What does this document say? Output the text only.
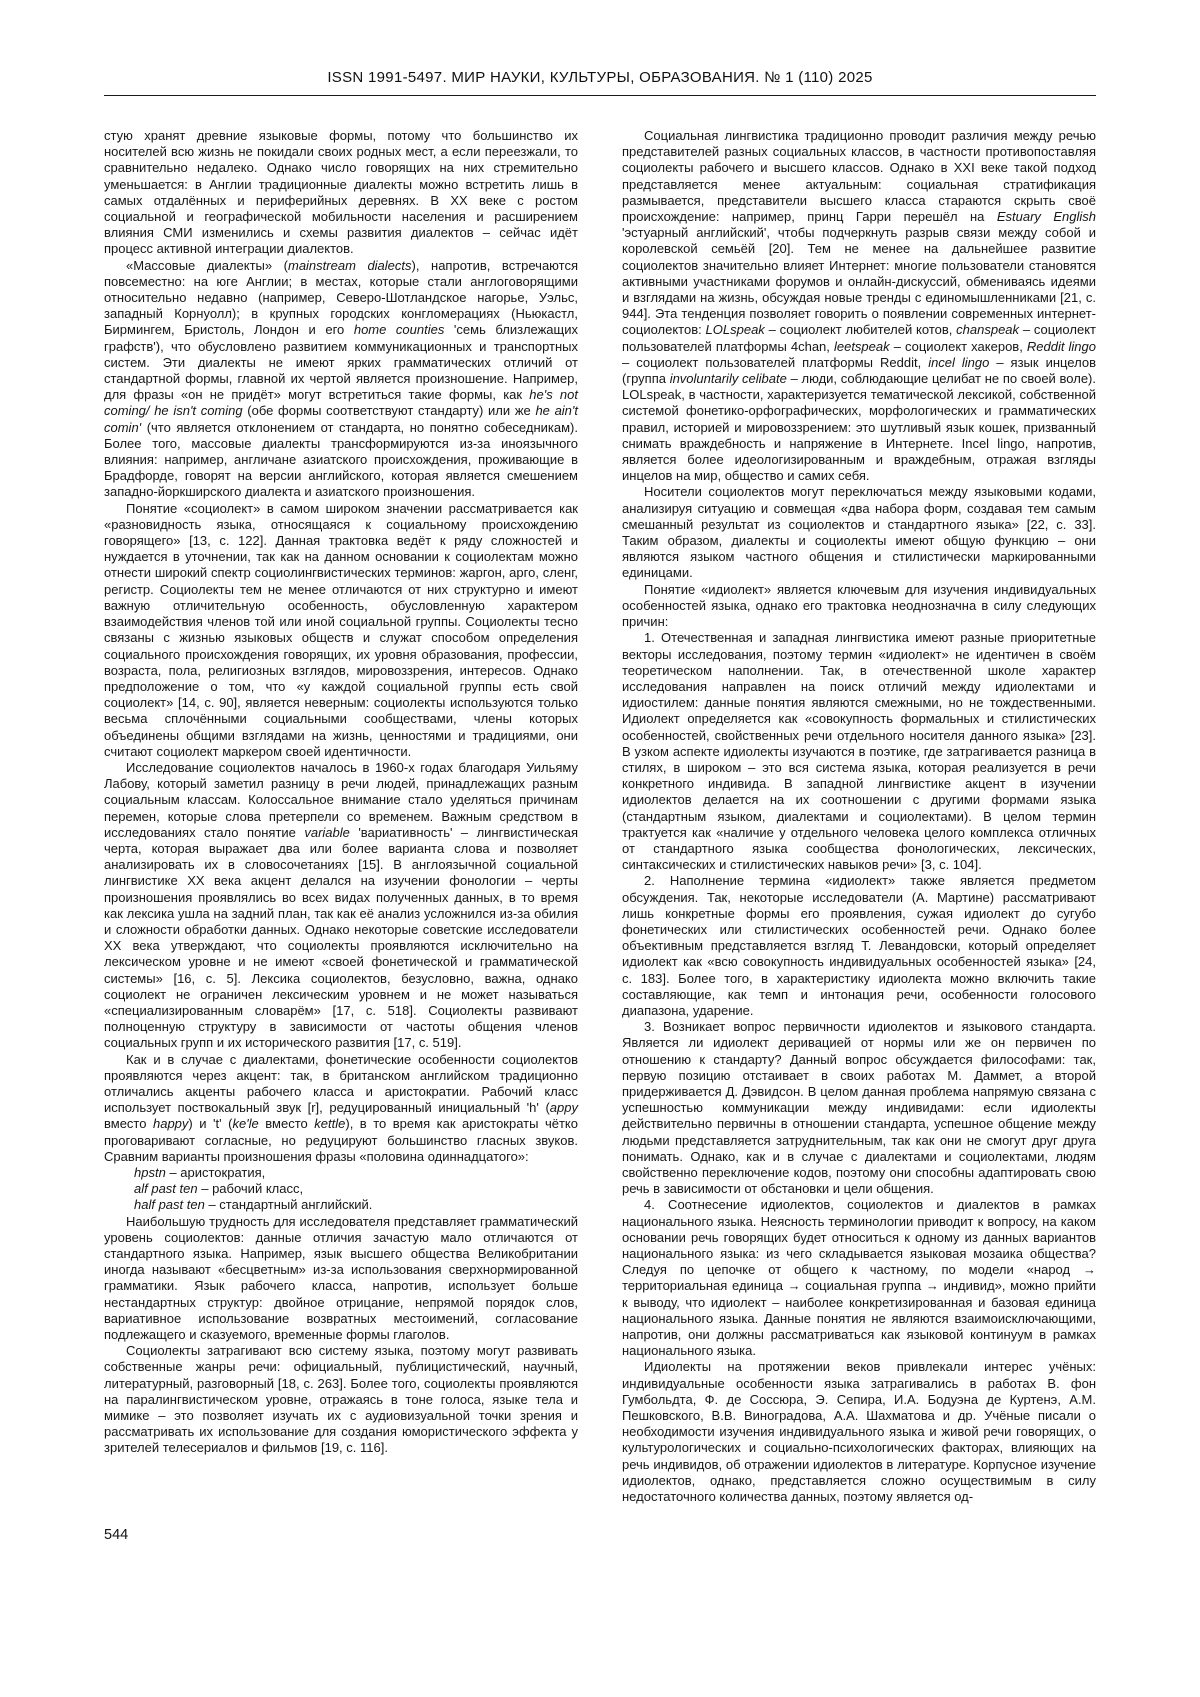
ISSN 1991-5497. МИР НАУКИ, КУЛЬТУРЫ, ОБРАЗОВАНИЯ. № 1 (110) 2025

стую хранят древние языковые формы, потому что большинство их носителей всю жизнь не покидали своих родных мест, а если переезжали, то сравнительно недалеко. Однако число говорящих на них стремительно уменьшается: в Англии традиционные диалекты можно встретить лишь в самых отдалённых и периферийных деревнях. В XX веке с ростом социальной и географической мобильности населения и расширением влияния СМИ изменились и схемы развития диалектов – сейчас идёт процесс активной интеграции диалектов.

«Массовые диалекты» (mainstream dialects), напротив, встречаются повсеместно: на юге Англии; в местах, которые стали англоговорящими относительно недавно (например, Северо-Шотландское нагорье, Уэльс, западный Корнуолл); в крупных городских конгломерациях (Ньюкастл, Бирмингем, Бристоль, Лондон и его home counties 'семь близлежащих графств'), что обусловлено развитием коммуникационных и транспортных систем. Эти диалекты не имеют ярких грамматических отличий от стандартной формы, главной их чертой является произношение. Например, для фразы «он не придёт» могут встретиться такие формы, как he's not coming/ he isn't coming (обе формы соответствуют стандарту) или же he ain't comin' (что является отклонением от стандарта, но понятно собеседникам). Более того, массовые диалекты трансформируются из-за иноязычного влияния: например, англичане азиатского происхождения, проживающие в Брадфорде, говорят на версии английского, которая является смешением западно-йоркширского диалекта и азиатского произношения.

Понятие «социолект» в самом широком значении рассматривается как «разновидность языка, относящаяся к социальному происхождению говорящего» [13, с. 122]. Данная трактовка ведёт к ряду сложностей и нуждается в уточнении, так как на данном основании к социолектам можно отнести широкий спектр социолингвистических терминов: жаргон, арго, сленг, регистр. Социолекты тем не менее отличаются от них структурно и имеют важную отличительную особенность, обусловленную характером взаимодействия членов той или иной социальной группы. Социолекты тесно связаны с жизнью языковых обществ и служат способом определения социального происхождения говорящих, их уровня образования, профессии, возраста, пола, религиозных взглядов, мировоззрения, интересов. Однако предположение о том, что «у каждой социальной группы есть свой социолект» [14, с. 90], является неверным: социолекты используются только весьма сплочёнными социальными сообществами, члены которых объединены общими взглядами на жизнь, ценностями и традициями, они считают социолект маркером своей идентичности.

Исследование социолектов началось в 1960-х годах благодаря Уильяму Лабову, который заметил разницу в речи людей, принадлежащих разным социальным классам. Колоссальное внимание стало уделяться причинам перемен, которые слова претерпели со временем. Важным средством в исследованиях стало понятие variable 'вариативность' – лингвистическая черта, которая выражает два или более варианта слова и позволяет анализировать их в словосочетаниях [15]. В англоязычной социальной лингвистике XX века акцент делался на изучении фонологии – черты произношения проявлялись во всех видах полученных данных, в то время как лексика ушла на задний план, так как её анализ усложнился из-за обилия и сложности обработки данных. Однако некоторые советские исследователи XX века утверждают, что социолекты проявляются исключительно на лексическом уровне и не имеют «своей фонетической и грамматической системы» [16, с. 5]. Лексика социолектов, безусловно, важна, однако социолект не ограничен лексическим уровнем и не может называться «специализированным словарём» [17, с. 518]. Социолекты развивают полноценную структуру в зависимости от частоты общения членов социальных групп и их исторического развития [17, с. 519].

Как и в случае с диалектами, фонетические особенности социолектов проявляются через акцент: так, в британском английском традиционно отличались акценты рабочего класса и аристократии. Рабочий класс использует поствокальный звук [r], редуцированный инициальный 'h' (appy вместо happy) и 't' (ke'le вместо kettle), в то время как аристократы чётко проговаривают согласные, но редуцируют большинство гласных звуков. Сравним варианты произношения фразы «половина одиннадцатого»:

hpstn – аристократия,

alf past ten – рабочий класс,

half past ten – стандартный английский.

Наибольшую трудность для исследователя представляет грамматический уровень социолектов: данные отличия зачастую мало отличаются от стандартного языка. Например, язык высшего общества Великобритании иногда называют «бесцветным» из-за использования сверхнормированной грамматики. Язык рабочего класса, напротив, использует больше нестандартных структур: двойное отрицание, непрямой порядок слов, вариативное использование возвратных местоимений, согласование подлежащего и сказуемого, временные формы глаголов.

Социолекты затрагивают всю систему языка, поэтому могут развивать собственные жанры речи: официальный, публицистический, научный, литературный, разговорный [18, с. 263]. Более того, социолекты проявляются на паралингвистическом уровне, отражаясь в тоне голоса, языке тела и мимике – это позволяет изучать их с аудиовизуальной точки зрения и рассматривать их использование для создания юмористического эффекта у зрителей телесериалов и фильмов [19, с. 116].

Социальная лингвистика традиционно проводит различия между речью представителей разных социальных классов, в частности противопоставляя социолекты рабочего и высшего классов. Однако в XXI веке такой подход представляется менее актуальным: социальная стратификация размывается, представители высшего класса стараются скрыть своё происхождение: например, принц Гарри перешёл на Estuary English 'эстуарный английский', чтобы подчеркнуть разрыв связи между собой и королевской семьёй [20]. Тем не менее на дальнейшее развитие социолектов значительно влияет Интернет: многие пользователи становятся активными участниками форумов и онлайн-дискуссий, обмениваясь идеями и взглядами на жизнь, обсуждая новые тренды с единомышленниками [21, с. 944]. Эта тенденция позволяет говорить о появлении современных интернет-социолектов: LOLspeak – социолект любителей котов, chanspeak – социолект пользователей платформы 4chan, leetspeak – социолект хакеров, Reddit lingo – социолект пользователей платформы Reddit, incel lingo – язык инцелов (группа involuntarily celibate – люди, соблюдающие целибат не по своей воле). LOLspeak, в частности, характеризуется тематической лексикой, собственной системой фонетико-орфографических, морфологических и грамматических правил, историей и мировоззрением: это шутливый язык кошек, призванный снимать враждебность и напряжение в Интернете. Incel lingo, напротив, является более идеологизированным и враждебным, отражая взгляды инцелов на мир, общество и самих себя.

Носители социолектов могут переключаться между языковыми кодами, анализируя ситуацию и совмещая «два набора форм, создавая тем самым смешанный результат из социолектов и стандартного языка» [22, с. 33]. Таким образом, диалекты и социолекты имеют общую функцию – они являются языком частного общения и стилистически маркированными единицами.

Понятие «идиолект» является ключевым для изучения индивидуальных особенностей языка, однако его трактовка неоднозначна в силу следующих причин:

1. Отечественная и западная лингвистика имеют разные приоритетные векторы исследования, поэтому термин «идиолект» не идентичен в своём теоретическом наполнении. Так, в отечественной школе характер исследования направлен на поиск отличий между идиолектами и идиостилем: данные понятия являются смежными, но не тождественными. Идиолект определяется как «совокупность формальных и стилистических особенностей, свойственных речи отдельного носителя данного языка» [23]. В узком аспекте идиолекты изучаются в поэтике, где затрагивается разница в стилях, в широком – это вся система языка, которая реализуется в речи конкретного индивида. В западной лингвистике акцент в изучении идиолектов делается на их соотношении с другими формами языка (стандартным языком, диалектами и социолектами). В целом термин трактуется как «наличие у отдельного человека целого комплекса отличных от стандартного языка сообщества фонологических, лексических, синтаксических и стилистических навыков речи» [3, с. 104].

2. Наполнение термина «идиолект» также является предметом обсуждения. Так, некоторые исследователи (А. Мартине) рассматривают лишь конкретные формы его проявления, сужая идиолект до сугубо фонетических или стилистических особенностей речи. Однако более объективным представляется взгляд Т. Левандовски, который определяет идиолект как «всю совокупность индивидуальных особенностей языка» [24, с. 183]. Более того, в характеристику идиолекта можно включить такие составляющие, как темп и интонация речи, особенности голосового диапазона, ударение.

3. Возникает вопрос первичности идиолектов и языкового стандарта. Является ли идиолект деривацией от нормы или же он первичен по отношению к стандарту? Данный вопрос обсуждается философами: так, первую позицию отстаивает в своих работах М. Даммет, а второй придерживается Д. Дэвидсон. В целом данная проблема напрямую связана с успешностью коммуникации между индивидами: если идиолекты действительно первичны в отношении стандарта, успешное общение между людьми представляется затруднительным, так как они не смогут друг друга понимать. Однако, как и в случае с диалектами и социолектами, людям свойственно переключение кодов, поэтому они способны адаптировать свою речь в зависимости от обстановки и цели общения.

4. Соотнесение идиолектов, социолектов и диалектов в рамках национального языка. Неясность терминологии приводит к вопросу, на каком основании речь говорящих будет относиться к одному из данных вариантов национального языка: из чего складывается языковая мозаика общества? Следуя по цепочке от общего к частному, по модели «народ → территориальная единица → социальная группа → индивид», можно прийти к выводу, что идиолект – наиболее конкретизированная и базовая единица национального языка. Данные понятия не являются взаимоисключающими, напротив, они должны рассматриваться как языковой континуум в рамках национального языка.

Идиолекты на протяжении веков привлекали интерес учёных: индивидуальные особенности языка затрагивались в работах В. фон Гумбольдта, Ф. де Соссюра, Э. Сепира, И.А. Бодуэна де Куртенэ, А.М. Пешковского, В.В. Виноградова, А.А. Шахматова и др. Учёные писали о необходимости изучения индивидуального языка и живой речи говорящих, о культурологических и социально-психологических факторах, влияющих на речь индивидов, об отражении идиолектов в литературе. Корпусное изучение идиолектов, однако, представляется сложно осуществимым в силу недостаточного количества данных, поэтому является од-

544
